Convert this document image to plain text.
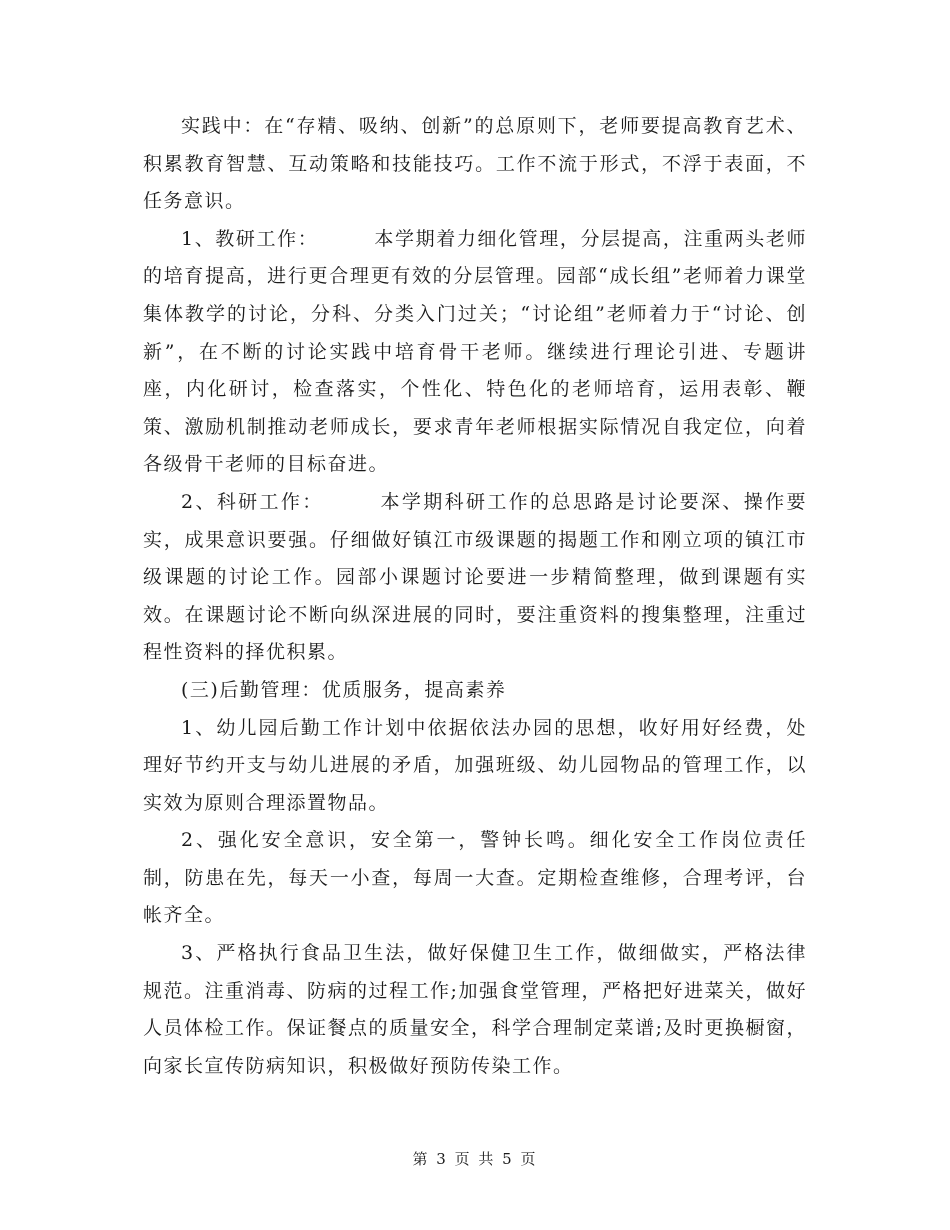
实践中：在“存精、吸纳、创新”的总原则下，老师要提高教育艺术、积累教育智慧、互动策略和技能技巧。工作不流于形式，不浮于表面，不任务意识。

1、教研工作：	本学期着力细化管理，分层提高，注重两头老师的培育提高，进行更合理更有效的分层管理。园部“成长组”老师着力课堂集体教学的讨论，分科、分类入门过关；“讨论组”老师着力于“讨论、创新”，在不断的讨论实践中培育骨干老师。继续进行理论引进、专题讲座，内化研讨，检查落实，个性化、特色化的老师培育，运用表彰、鞭策、激励机制推动老师成长，要求青年老师根据实际情况自我定位，向着各级骨干老师的目标奋进。

2、科研工作：	本学期科研工作的总思路是讨论要深、操作要实，成果意识要强。仔细做好镇江市级课题的揭题工作和刚立项的镇江市级课题的讨论工作。园部小课题讨论要进一步精简整理，做到课题有实效。在课题讨论不断向纵深进展的同时，要注重资料的搜集整理，注重过程性资料的择优积累。

(三)后勤管理：优质服务，提高素养

1、幼儿园后勤工作计划中依据依法办园的思想，收好用好经费，处理好节约开支与幼儿进展的矛盾，加强班级、幼儿园物品的管理工作，以实效为原则合理添置物品。

2、强化安全意识，安全第一，警钟长鸣。细化安全工作岗位责任制，防患在先，每天一小查，每周一大查。定期检查维修，合理考评，台帐齐全。

3、严格执行食品卫生法，做好保健卫生工作，做细做实，严格法律规范。注重消毒、防病的过程工作;加强食堂管理，严格把好进菜关，做好人员体检工作。保证餐点的质量安全，科学合理制定菜谱;及时更换橱窗，向家长宣传防病知识，积极做好预防传染工作。

第 3 页 共 5 页
